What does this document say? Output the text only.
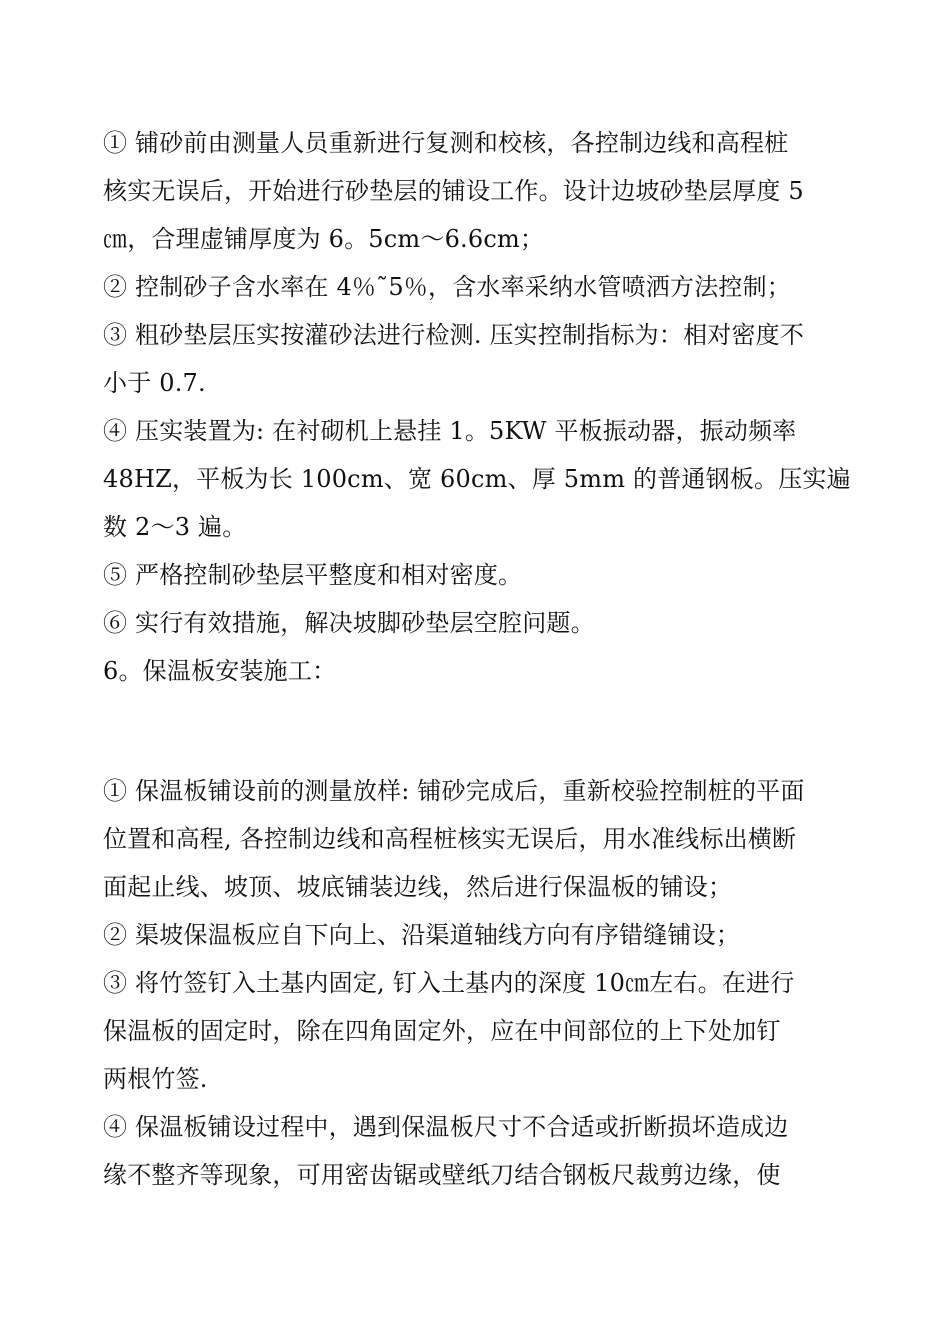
① 铺砂前由测量人员重新进行复测和校核，各控制边线和高程桩
核实无误后，开始进行砂垫层的铺设工作。设计边坡砂垫层厚度 5
㎝，合理虚铺厚度为 6。5cm～6.6cm；
② 控制砂子含水率在 4％˜5％，含水率采纳水管喷洒方法控制；
③ 粗砂垫层压实按灌砂法进行检测. 压实控制指标为：相对密度不
小于 0.7.
④ 压实装置为: 在衬砌机上悬挂 1。5KW 平板振动器，振动频率
48HZ，平板为长 100cm、宽 60cm、厚 5mm 的普通钢板。压实遍
数 2～3 遍。
⑤ 严格控制砂垫层平整度和相对密度。
⑥ 实行有效措施，解决坡脚砂垫层空腔问题。
6。保温板安装施工：
① 保温板铺设前的测量放样: 铺砂完成后，重新校验控制桩的平面
位置和高程, 各控制边线和高程桩核实无误后，用水准线标出横断
面起止线、坡顶、坡底铺装边线，然后进行保温板的铺设；
② 渠坡保温板应自下向上、沿渠道轴线方向有序错缝铺设；
③ 将竹签钉入土基内固定, 钉入土基内的深度 10㎝左右。在进行
保温板的固定时，除在四角固定外，应在中间部位的上下处加钉
两根竹签.
④ 保温板铺设过程中，遇到保温板尺寸不合适或折断损坏造成边
缘不整齐等现象，可用密齿锯或壁纸刀结合钢板尺裁剪边缘，使
